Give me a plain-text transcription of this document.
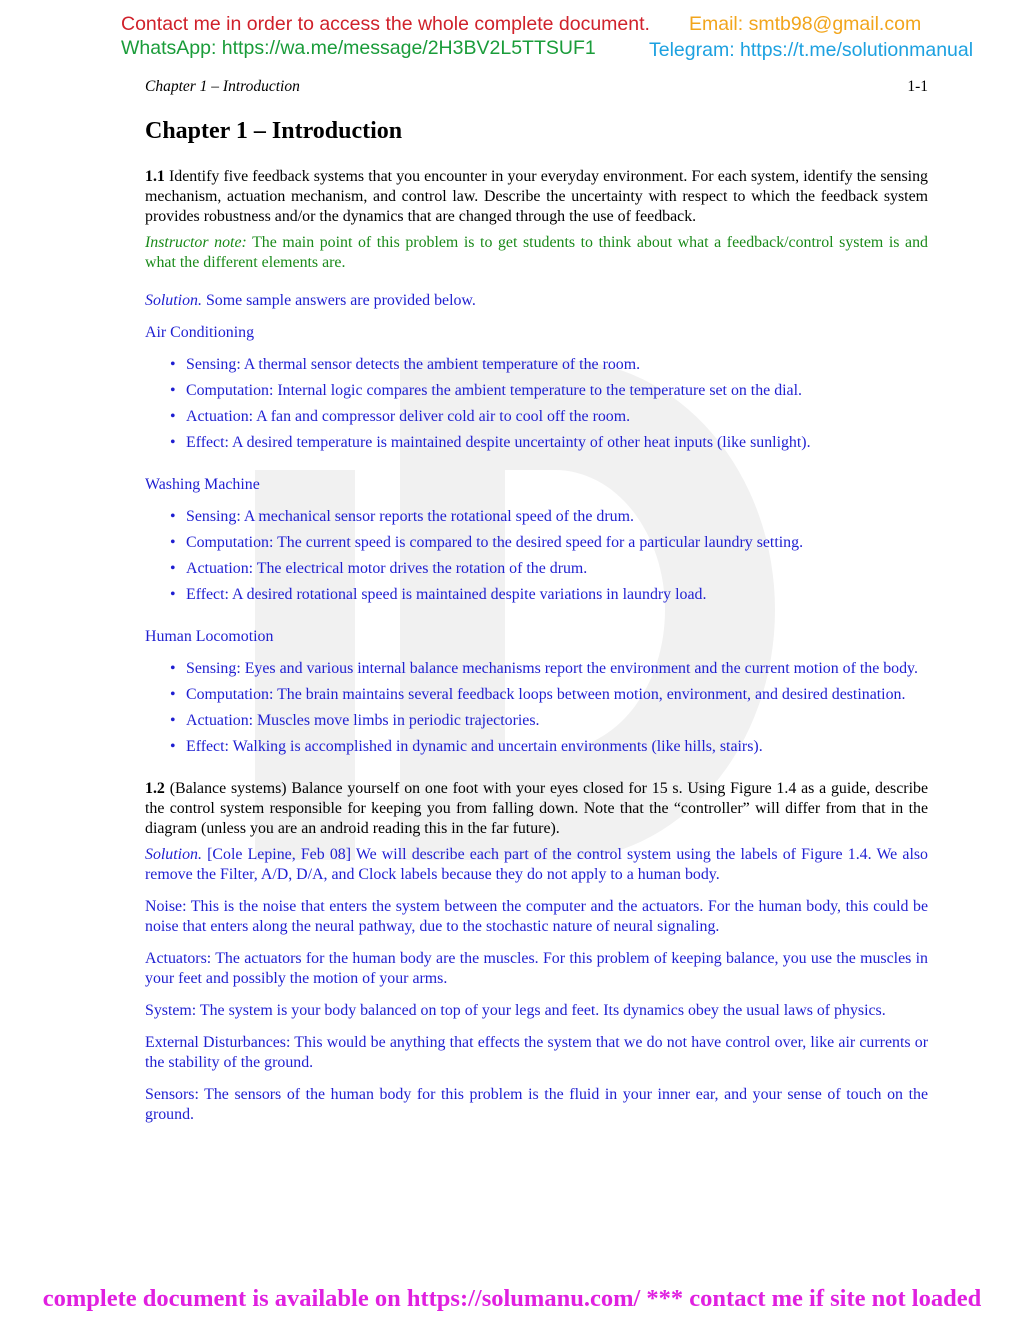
Contact me in order to access the whole complete document. Email: smtb98@gmail.com
WhatsApp: https://wa.me/message/2H3BV2L5TTSUF1	Telegram: https://t.me/solutionmanual
Chapter 1 – Introduction	1-1
Chapter 1 – Introduction

1.1 Identify five feedback systems that you encounter in your everyday environment. For each system, identify the sensing mechanism, actuation mechanism, and control law. Describe the uncertainty with respect to which the feedback system provides robustness and/or the dynamics that are changed through the use of feedback.

Instructor note: The main point of this problem is to get students to think about what a feedback/control system is and what the different elements are.

Solution. Some sample answers are provided below.

Air Conditioning

• Sensing: A thermal sensor detects the ambient temperature of the room.
• Computation: Internal logic compares the ambient temperature to the temperature set on the dial.
• Actuation: A fan and compressor deliver cold air to cool off the room.
• Effect: A desired temperature is maintained despite uncertainty of other heat inputs (like sunlight).

Washing Machine

• Sensing: A mechanical sensor reports the rotational speed of the drum.
• Computation: The current speed is compared to the desired speed for a particular laundry setting.
• Actuation: The electrical motor drives the rotation of the drum.
• Effect: A desired rotational speed is maintained despite variations in laundry load.

Human Locomotion

• Sensing: Eyes and various internal balance mechanisms report the environment and the current motion of the body.
• Computation: The brain maintains several feedback loops between motion, environment, and desired destination.
• Actuation: Muscles move limbs in periodic trajectories.
• Effect: Walking is accomplished in dynamic and uncertain environments (like hills, stairs).

1.2 (Balance systems) Balance yourself on one foot with your eyes closed for 15 s. Using Figure 1.4 as a guide, describe the control system responsible for keeping you from falling down. Note that the “controller” will differ from that in the diagram (unless you are an android reading this in the far future).

Solution. [Cole Lepine, Feb 08] We will describe each part of the control system using the labels of Figure 1.4. We also remove the Filter, A/D, D/A, and Clock labels because they do not apply to a human body.

Noise: This is the noise that enters the system between the computer and the actuators. For the human body, this could be noise that enters along the neural pathway, due to the stochastic nature of neural signaling.

Actuators: The actuators for the human body are the muscles. For this problem of keeping balance, you use the muscles in your feet and possibly the motion of your arms.

System: The system is your body balanced on top of your legs and feet. Its dynamics obey the usual laws of physics.

External Disturbances: This would be anything that effects the system that we do not have control over, like air currents or the stability of the ground.

Sensors: The sensors of the human body for this problem is the fluid in your inner ear, and your sense of touch on the ground.

complete document is available on https://solumanu.com/ *** contact me if site not loaded
